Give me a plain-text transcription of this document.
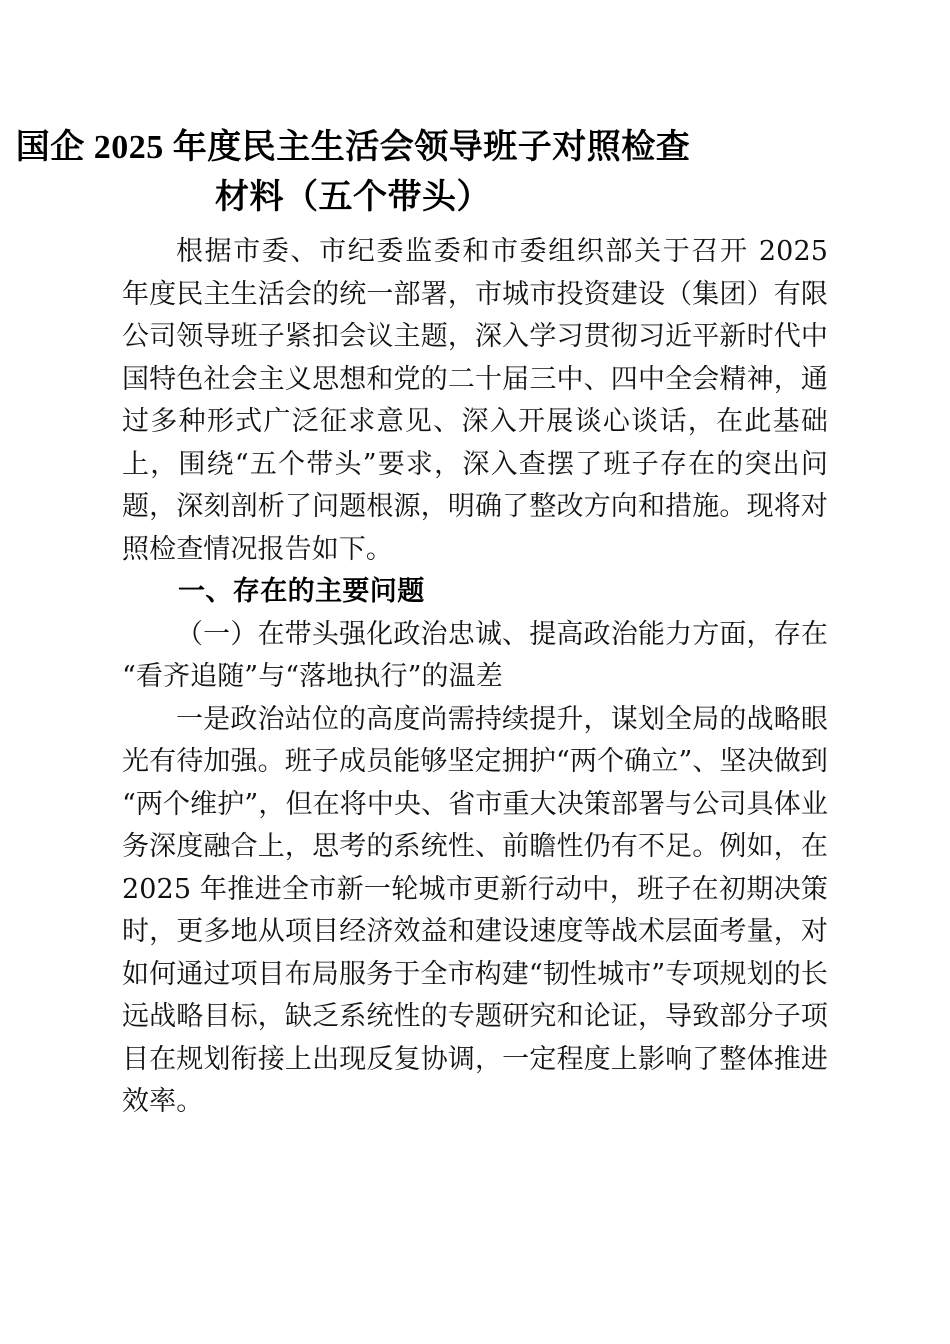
国企 2025 年度民主生活会领导班子对照检查
材料（五个带头）

根据市委、市纪委监委和市委组织部关于召开 2025 年度民主生活会的统一部署，市城市投资建设（集团）有限公司领导班子紧扣会议主题，深入学习贯彻习近平新时代中国特色社会主义思想和党的二十届三中、四中全会精神，通过多种形式广泛征求意见、深入开展谈心谈话，在此基础上，围绕“五个带头”要求，深入查摆了班子存在的突出问题，深刻剖析了问题根源，明确了整改方向和措施。现将对照检查情况报告如下。

一、存在的主要问题

（一）在带头强化政治忠诚、提高政治能力方面，存在“看齐追随”与“落地执行”的温差

一是政治站位的高度尚需持续提升，谋划全局的战略眼光有待加强。班子成员能够坚定拥护“两个确立”、坚决做到“两个维护”，但在将中央、省市重大决策部署与公司具体业务深度融合上，思考的系统性、前瞻性仍有不足。例如，在 2025 年推进全市新一轮城市更新行动中，班子在初期决策时，更多地从项目经济效益和建设速度等战术层面考量，对如何通过项目布局服务于全市构建“韧性城市”专项规划的长远战略目标，缺乏系统性的专题研究和论证，导致部分子项目在规划衔接上出现反复协调，一定程度上影响了整体推进效率。
